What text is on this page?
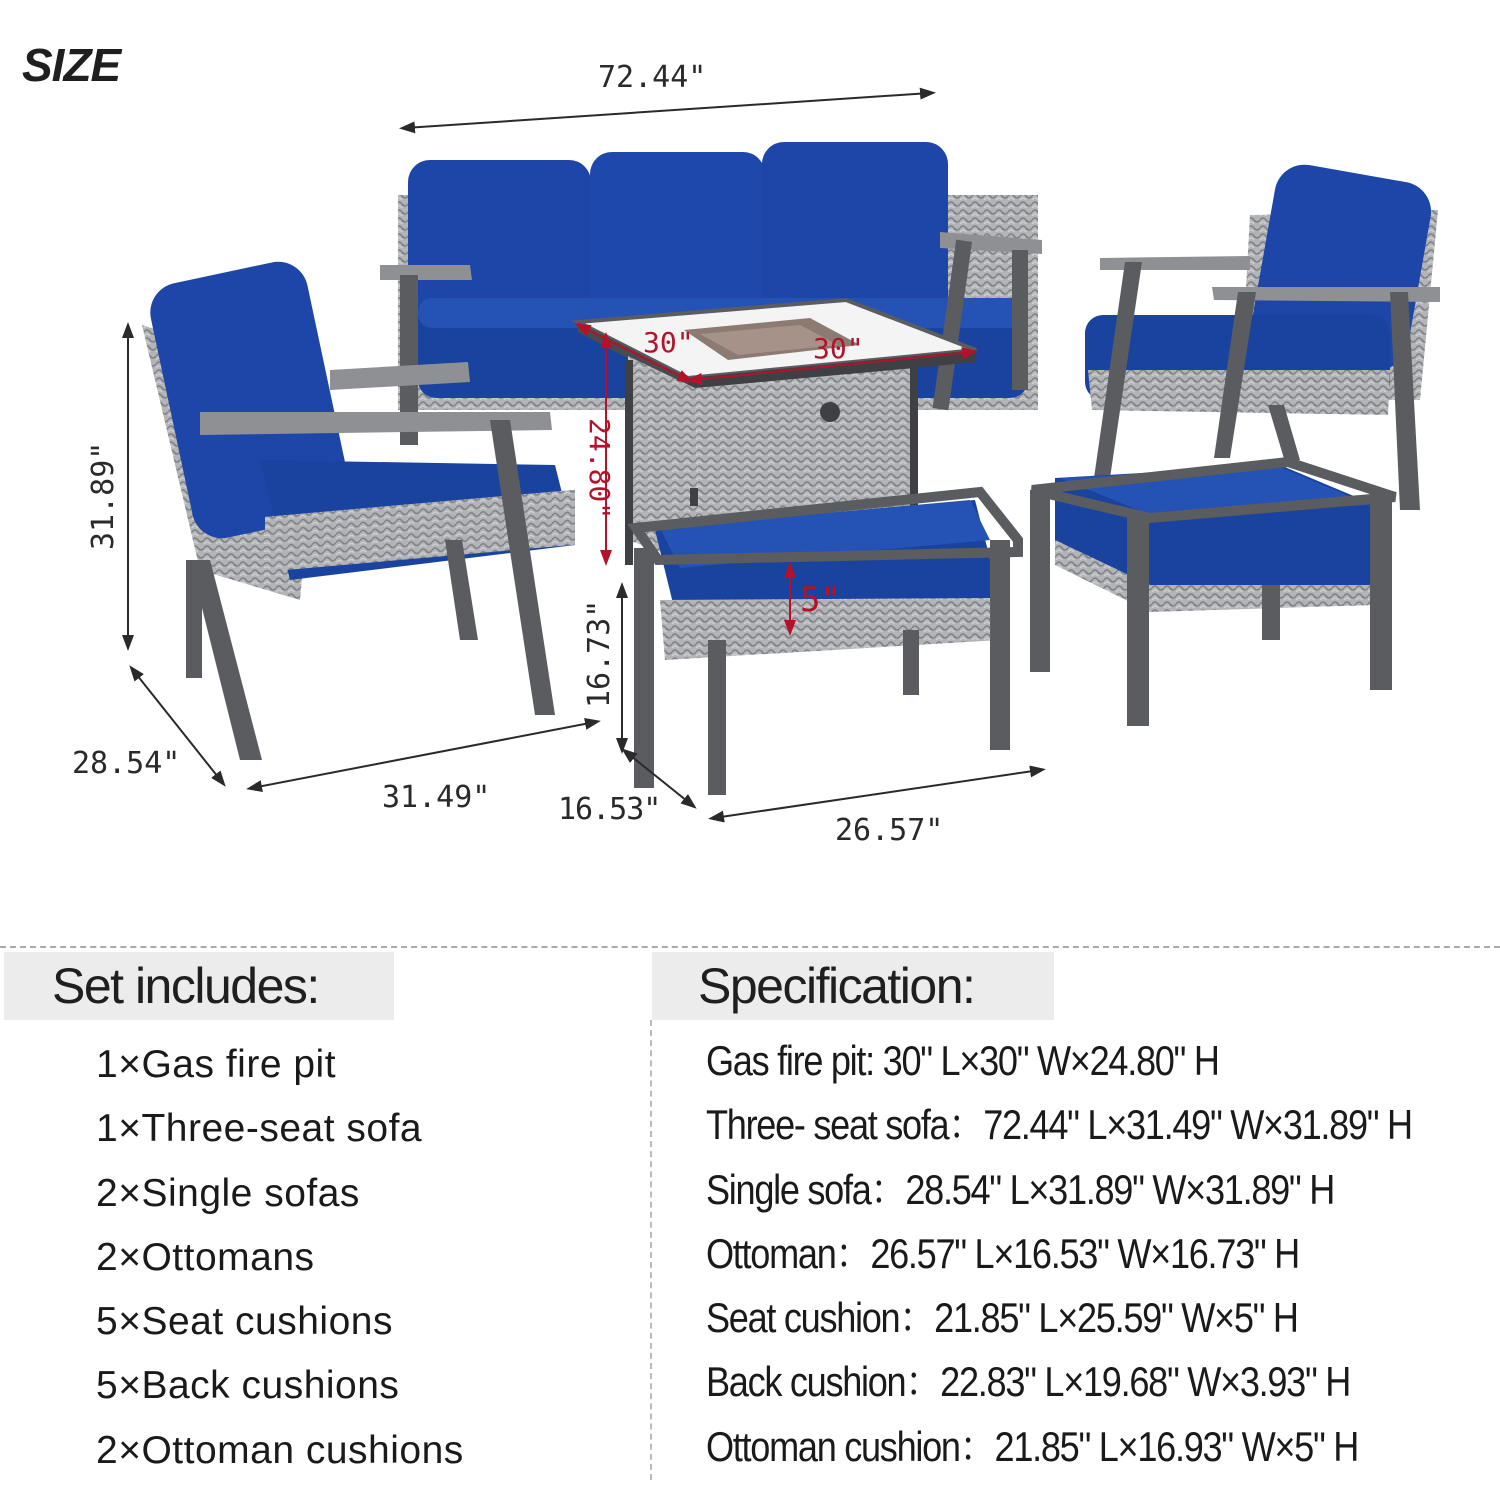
SIZE	72.44"
31.89"
28.54"
31.49"
30"	30"
24.80"
16.73"
16.53"
26.57"
5"
Set includes:
1×Gas fire pit
1×Three-seat sofa
2×Single sofas
2×Ottomans
5×Seat cushions
5×Back cushions
2×Ottoman cushions
Specification:
Gas fire pit: 30" L×30" W×24.80" H
Three- seat sofa：72.44" L×31.49" W×31.89" H
Single sofa：28.54" L×31.89" W×31.89" H
Ottoman：26.57" L×16.53" W×16.73" H
Seat cushion：21.85" L×25.59" W×5" H
Back cushion：22.83" L×19.68" W×3.93" H
Ottoman cushion：21.85" L×16.93" W×5" H
